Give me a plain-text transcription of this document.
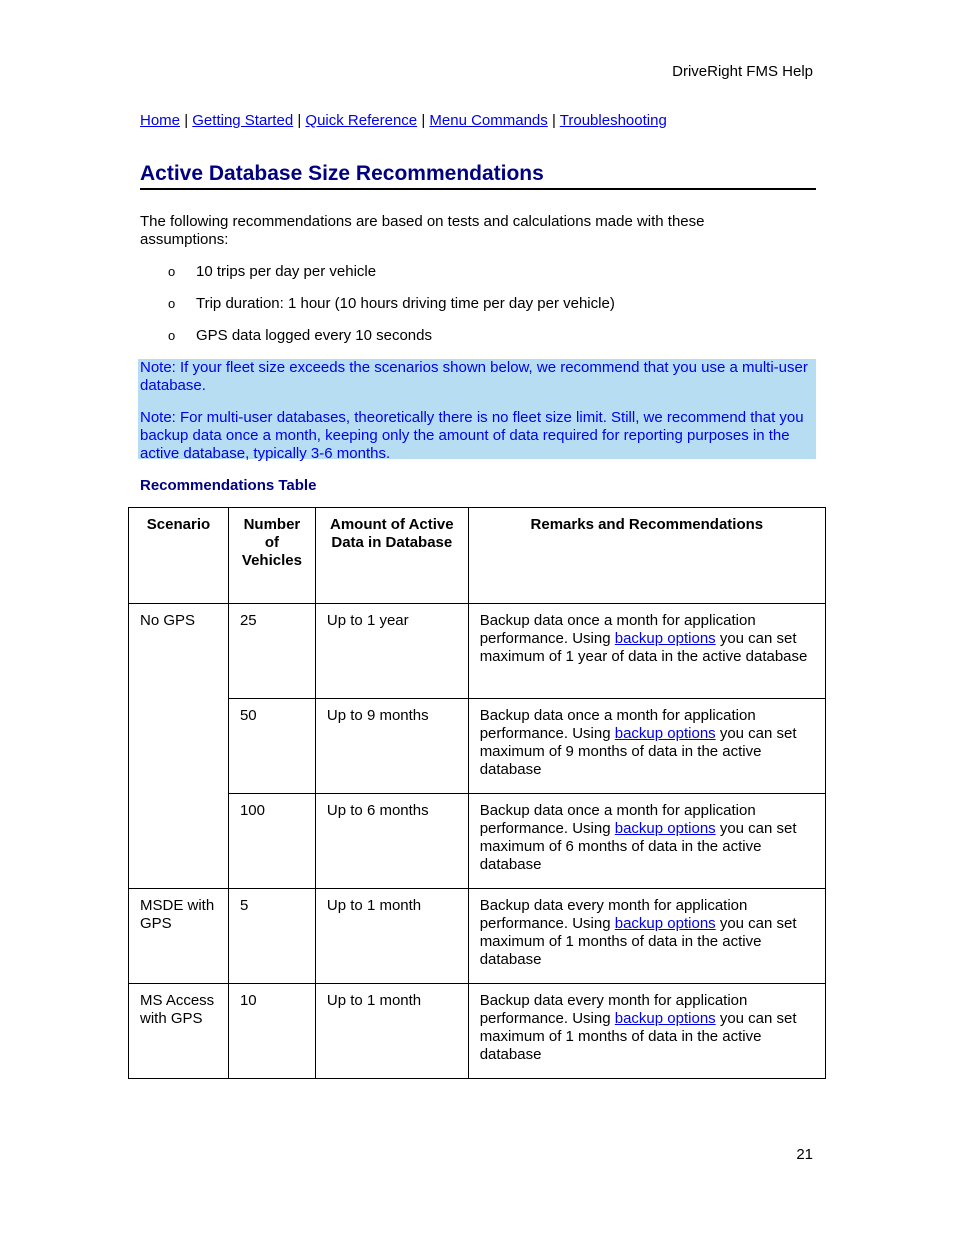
DriveRight FMS Help
Home | Getting Started | Quick Reference | Menu Commands | Troubleshooting
Active Database Size Recommendations

The following recommendations are based on tests and calculations made with these assumptions:

o 10 trips per day per vehicle
o Trip duration: 1 hour (10 hours driving time per day per vehicle)
o GPS data logged every 10 seconds

Note: If your fleet size exceeds the scenarios shown below, we recommend that you use a multi-user database.

Note: For multi-user databases, theoretically there is no fleet size limit. Still, we recommend that you backup data once a month, keeping only the amount of data required for reporting purposes in the active database, typically 3-6 months.

Recommendations Table
Scenario	Number of Vehicles	Amount of Active Data in Database	Remarks and Recommendations
No GPS	25	Up to 1 year	Backup data once a month for application performance. Using backup options you can set maximum of 1 year of data in the active database
	50	Up to 9 months	Backup data once a month for application performance. Using backup options you can set maximum of 9 months of data in the active database
	100	Up to 6 months	Backup data once a month for application performance. Using backup options you can set maximum of 6 months of data in the active database
MSDE with GPS	5	Up to 1 month	Backup data every month for application performance. Using backup options you can set maximum of 1 months of data in the active database
MS Access with GPS	10	Up to 1 month	Backup data every month for application performance. Using backup options you can set maximum of 1 months of data in the active database
21
